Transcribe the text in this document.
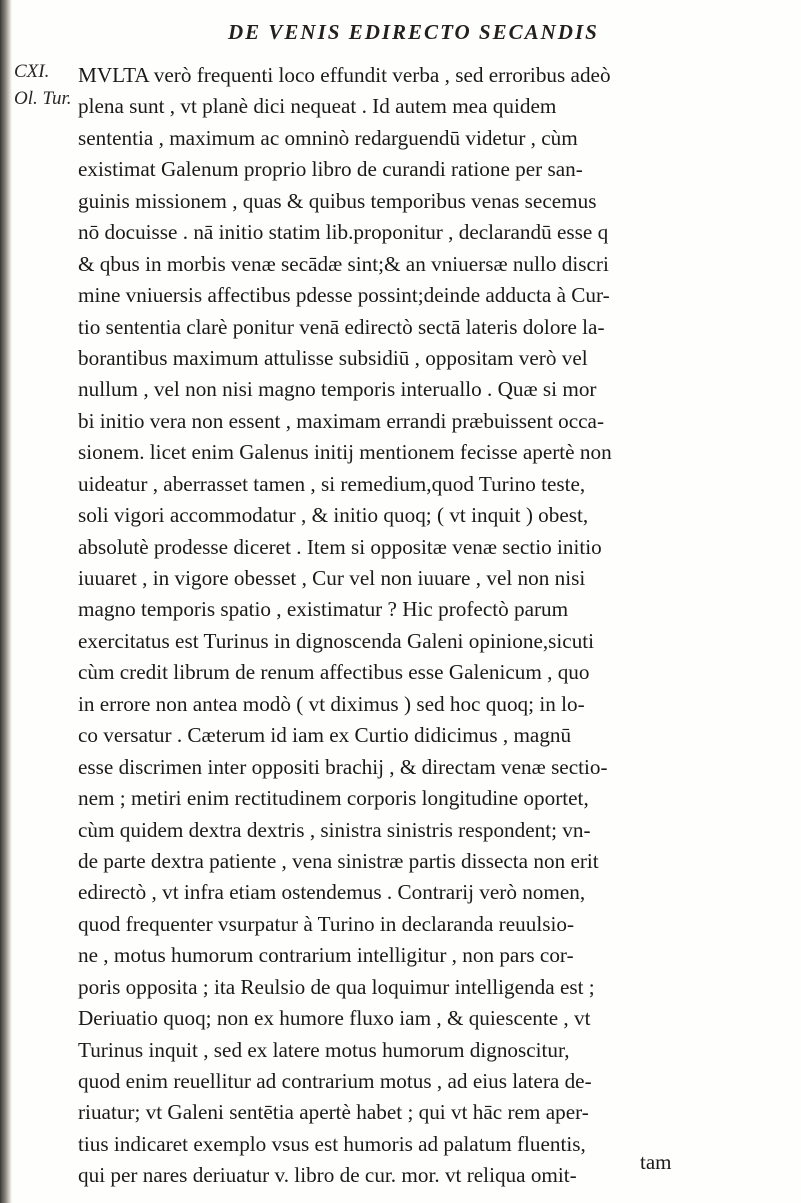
DE VENIS EDIRECTO SECANDIS
CXI.
Ol. Tur.
MVLTA verò frequenti loco effundit verba , sed erroribus adeò
plena sunt , vt planè dici nequeat . Id autem mea quidem
sententia , maximum ac omninò redarguendū videtur , cùm
existimat Galenum proprio libro de curandi ratione per san-
guinis missionem , quas & quibus temporibus venas secemus
nō docuisse . nā initio statim lib.proponitur , declarandū esse q
& qbus in morbis venæ secādæ sint;& an vniuersæ nullo discri
mine vniuersis affectibus pdesse possint;deinde adducta à Cur-
tio sententia clarè ponitur venā edirectò sectā lateris dolore la-
borantibus maximum attulisse subsidiū , oppositam verò vel
nullum , vel non nisi magno temporis interuallo . Quæ si mor
bi initio vera non essent , maximam errandi præbuissent occa-
sionem. licet enim Galenus initij mentionem fecisse apertè non
uideatur , aberrasset tamen , si remedium,quod Turino teste,
soli vigori accommodatur , & initio quoq; ( vt inquit ) obest,
absolutè prodesse diceret . Item si oppositæ venæ sectio initio
iuuaret , in vigore obesset , Cur vel non iuuare , vel non nisi
magno temporis spatio , existimatur ? Hic profectò parum
exercitatus est Turinus in dignoscenda Galeni opinione,sicuti
cùm credit librum de renum affectibus esse Galenicum , quo
in errore non antea modò ( vt diximus ) sed hoc quoq; in lo-
co versatur . Cæterum id iam ex Curtio didicimus , magnū
esse discrimen inter oppositi brachij , & directam venæ sectio-
nem ; metiri enim rectitudinem corporis longitudine oportet,
cùm quidem dextra dextris , sinistra sinistris respondent; vn-
de parte dextra patiente , vena sinistræ partis dissecta non erit
edirectò , vt infra etiam ostendemus . Contrarij verò nomen,
quod frequenter vsurpatur à Turino in declaranda reuulsio-
ne , motus humorum contrarium intelligitur , non pars cor-
poris opposita ; ita Reulsio de qua loquimur intelligenda est ;
Deriuatio quoq; non ex humore fluxo iam , & quiescente , vt
Turinus inquit , sed ex latere motus humorum dignoscitur,
quod enim reuellitur ad contrarium motus , ad eius latera de-
riuatur; vt Galeni sentētia apertè habet ; qui vt hāc rem aper-
tius indicaret exemplo vsus est humoris ad palatum fluentis,
qui per nares deriuatur v. libro de cur. mor. vt reliqua omit-
tam
